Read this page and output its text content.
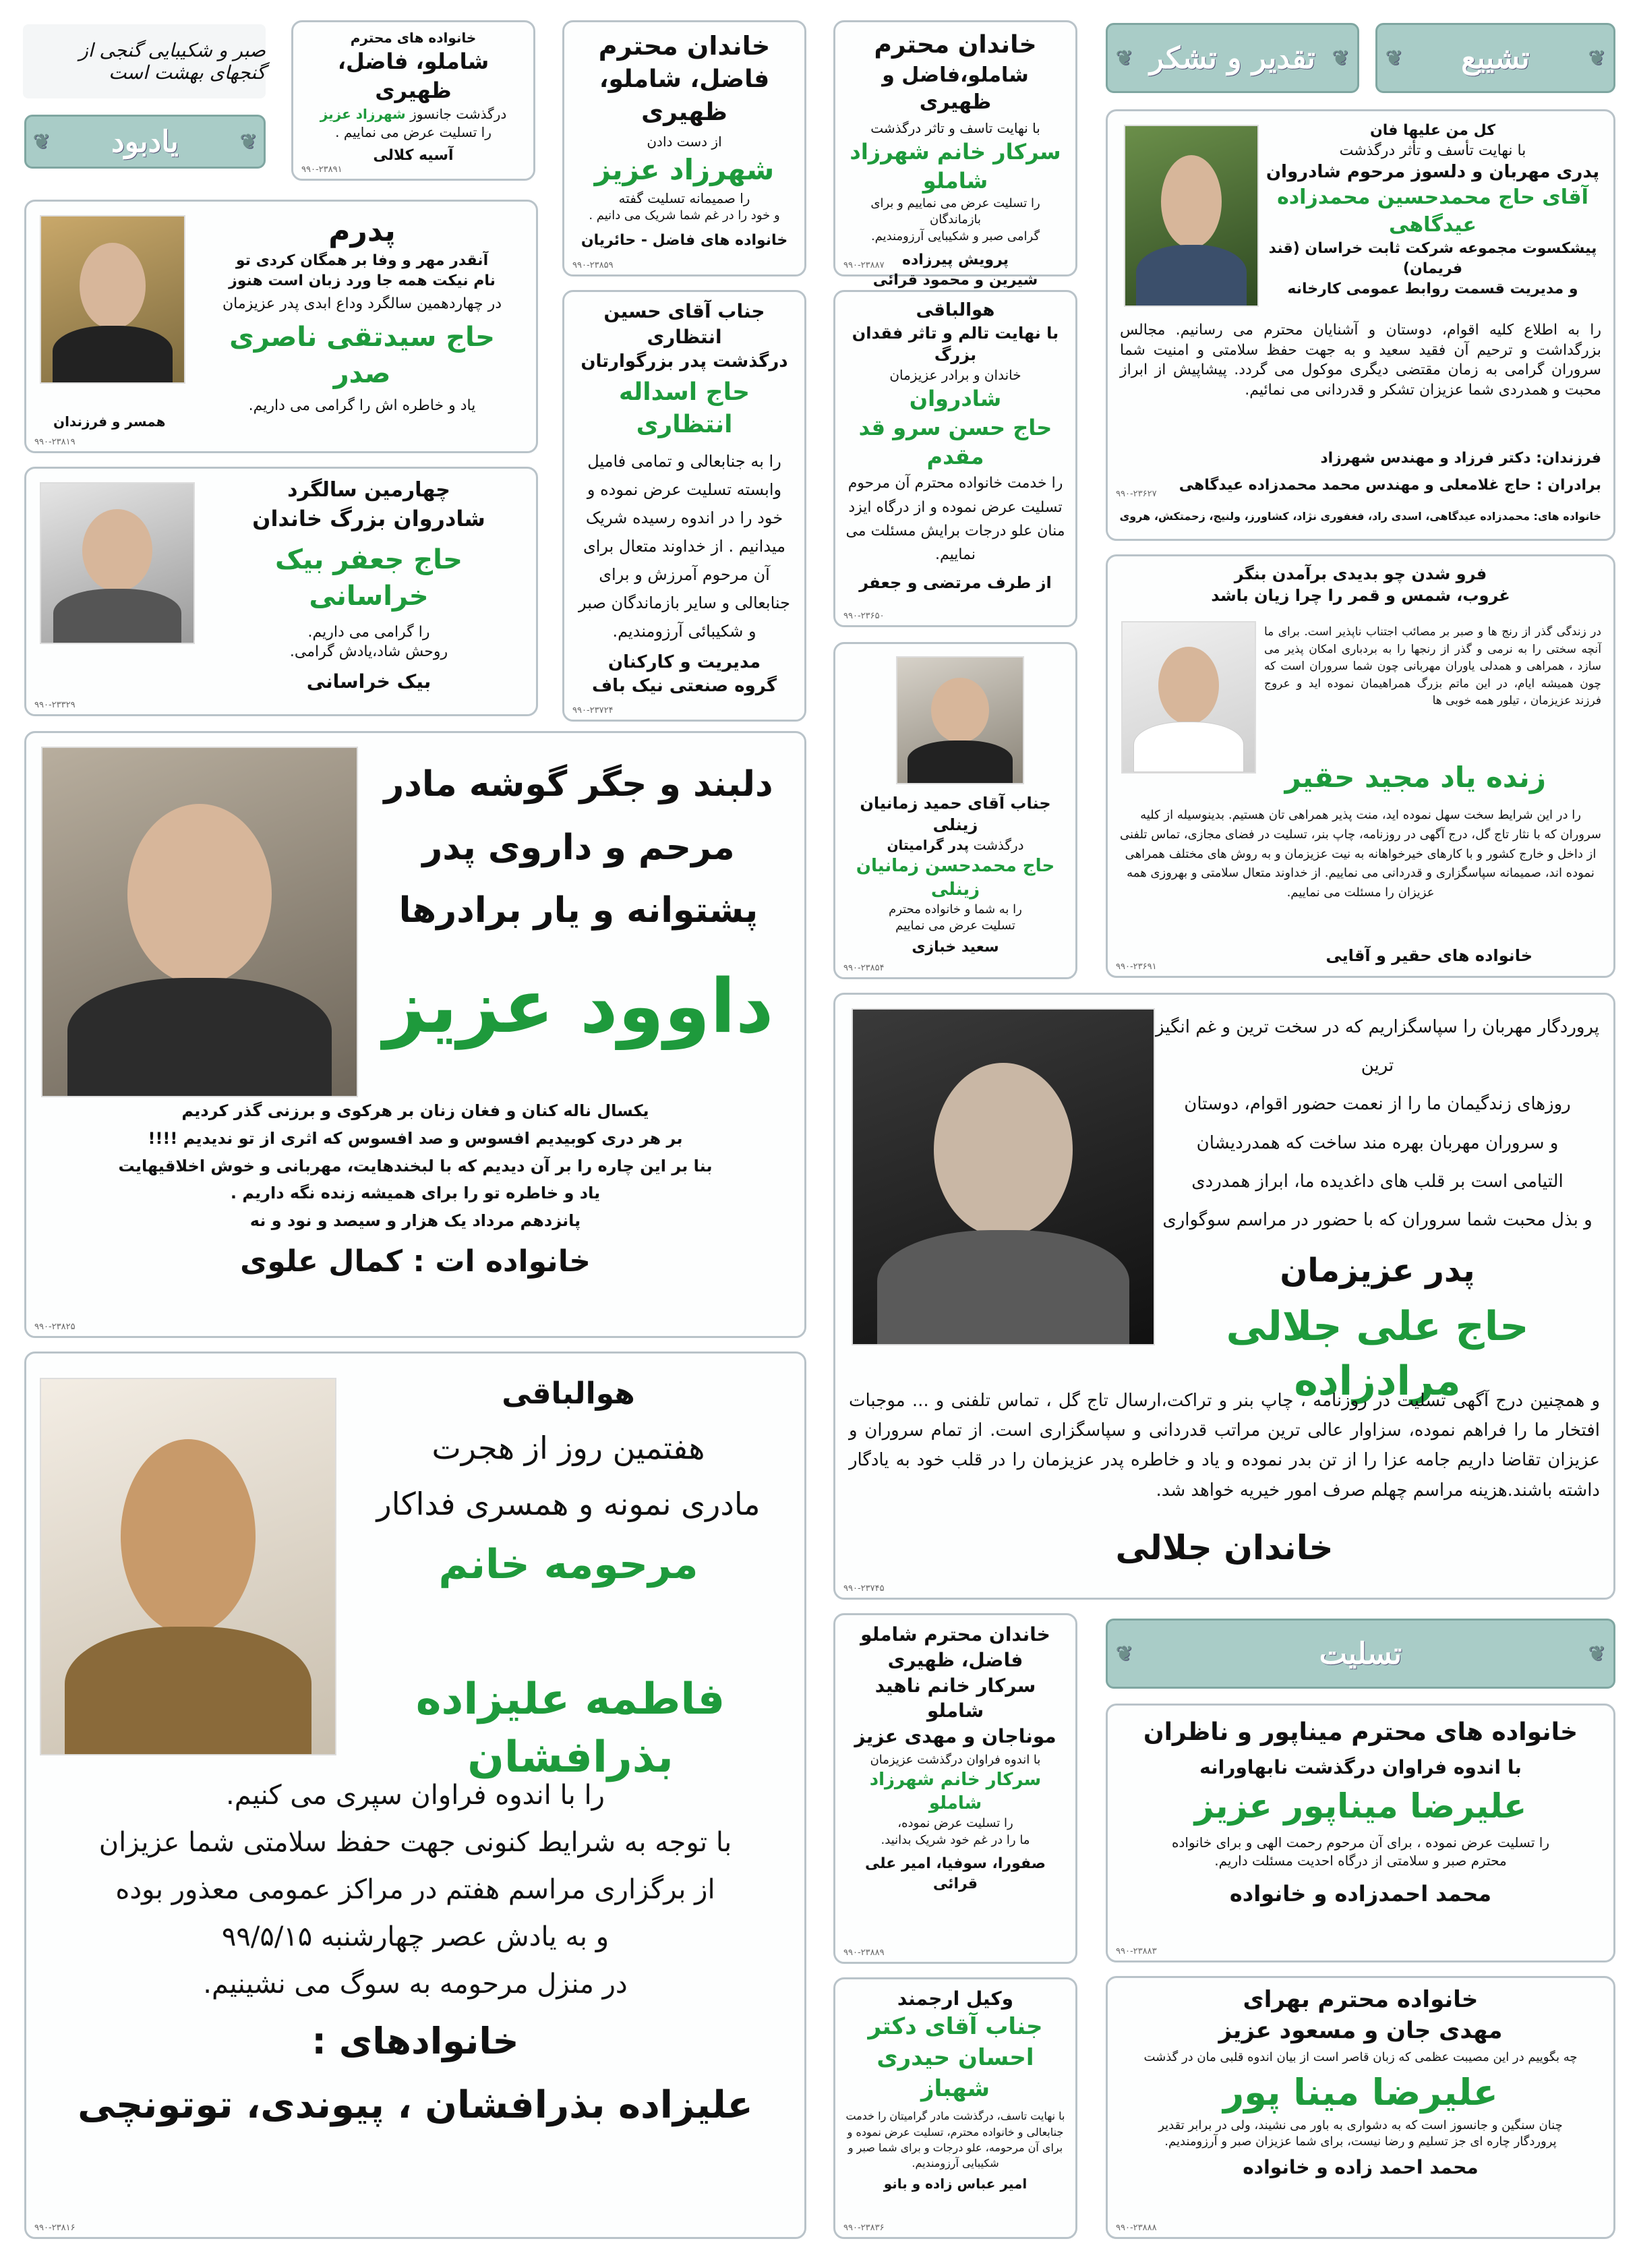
صبر و شکیبایی گنجی از گنجهای بهشت است
❦
یادبود
❦
❦
تشییع
❦
❦
تقدیر و تشکر
❦

خانواده های محترم

شاملو، فاضل، ظهیری

درگذشت جانسوز شهرزاد عزیز

را تسلیت عرض می نماییم .

آسیه کلالی

۹۹۰-۲۳۸۹۱

خاندان محترم

فاضل، شاملو، ظهیری

از دست دادن

شهرزاد عزیز

را صمیمانه تسلیت گفته

و خود را در غم شما شریک می دانیم .

خانواده های فاضل - حائریان

۹۹۰-۲۳۸۵۹

خاندان محترم

شاملو،فاضل و ظهیری

با نهایت تاسف و تاثر درگذشت

سرکار خانم شهرزاد شاملو

را تسلیت عرض می نماییم و برای بازماندگان

گرامی صبر و شکیبایی آرزومندیم.

پرویش پیرزاده

شیرین و محمود قرائی

۹۹۰-۲۳۸۸۷

کل من علیها فان

با نهایت تأسف و تأثر درگذشت

پدری مهربان و دلسوز مرحوم شادروان

آقای حاج محمدحسین محمدزاده عیدگاهی

پیشکسوت مجموعه شرکت ثابت خراسان (قند فریمان)

و مدیریت قسمت روابط عمومی کارخانه

را به اطلاع کلیه اقوام، دوستان و آشنایان محترم می رسانیم. مجالس بزرگداشت و ترحیم آن فقید سعید و به جهت حفظ سلامتی و امنیت شما سروران گرامی به زمان مقتضی دیگری موکول می گردد. پیشاپیش از ابراز محبت و همدردی شما عزیزان تشکر و قدردانی می نمائیم.

فرزندان: دکتر فرزاد و مهندس شهرزاد

برادران : حاج غلامعلی و مهندس محمد محمدزاده عیدگاهی

خانواده های: محمدزاده عیدگاهی، اسدی راد، فغفوری نژاد، کشاورز، ولنیج، زحمتکش، هروی

۹۹۰-۲۳۶۲۷

پدرم

آنقدر مهر و وفا بر همگان کردی تو

نام نیکت همه جا ورد زبان است هنوز

در چهاردهمین سالگرد وداع ابدی پدر عزیزمان

حاج سیدتقی ناصری صدر

یاد و خاطره اش را گرامی می داریم.

همسر و فرزندان

۹۹۰-۲۳۸۱۹

جناب آقای حسین انتظاری

درگذشت پدر بزرگوارتان

حاج اسداله انتظاری

را به جنابعالی و تمامی فامیل وابسته تسلیت عرض نموده و خود را در اندوه رسیده شریک میدانیم . از خداوند متعال برای آن مرحوم آمرزش و برای جنابعالی و سایر بازماندگان صبر و شکیبائی آرزومندیم.

مدیریت و کارکنان

گروه صنعتی نیک باف

۹۹۰-۲۳۷۲۴

هوالباقی

با نهایت تالم و تاثر فقدان بزرگ

خاندان و برادر عزیزمان

شادروان

حاج حسن سرو قد مقدم

را خدمت خانواده محترم آن مرحوم تسلیت عرض نموده و از درگاه ایزد منان علو درجات برایش مسئلت می نماییم.

از طرف مرتضی و جعفر

۹۹۰-۲۳۶۵۰

چهارمین سالگرد

شادروان بزرگ خاندان

حاج جعفر بیک خراسانی

را گرامی می داریم.

روحش شاد،یادش گرامی.

بیک خراسانی

۹۹۰-۲۳۳۲۹

فرو شدن چو بدیدی برآمدن بنگر

غروب، شمس و قمر را چرا زیان باشد

در زندگی گذر از رنج ها و صبر بر مصائب اجتناب ناپذیر است. برای ما آنچه سختی را به نرمی و گذر از رنجها را به بردباری امکان پذیر می سازد ، همراهی و همدلی یاوران مهربانی چون شما سروران است که چون همیشه ایام، در این ماتم بزرگ همراهیمان نموده اید و عروج فرزند عزیزمان ، تیلور همه خوبی ها

زنده یاد مجید حقیر

را در این شرایط سخت سهل نموده اید، منت پذیر همراهی تان هستیم. بدینوسیله از کلیه سروران که با نثار تاج گل، درج آگهی در روزنامه، چاپ بنر، تسلیت در فضای مجازی، تماس تلفنی از داخل و خارج کشور و با کارهای خیرخواهانه به نیت عزیزمان و به روش های مختلف همراهی نموده اند، صمیمانه سپاسگزاری و قدردانی می نماییم. از خداوند متعال سلامتی و بهروزی همه عزیزان را مسئلت می نماییم.

خانواده های حقیر و آقایی

۹۹۰-۲۳۶۹۱

جناب آقای حمید زمانیان زینلی

درگذشت پدر گرامیتان

حاج محمدحسن زمانیان زینلی

را به شما و خانواده محترم

تسلیت عرض می نماییم

سعید خبازی

۹۹۰-۲۳۸۵۴

دلبند و جگر گوشه مادر

مرحم و داروی پدر

پشتوانه و یار برادرها

داوود عزیز

یکسال ناله کنان و فغان زنان بر هرکوی و برزنی گذر کردیم

بر هر دری کوبیدیم افسوس و صد افسوس که اثری از تو ندیدیم !!!!

بنا بر این چاره را بر آن دیدیم که با لبخندهایت، مهربانی و خوش اخلاقیهایت

یاد و خاطره تو را برای همیشه زنده نگه داریم .

پانزدهم مرداد یک هزار و سیصد و نود و نه

خانواده ات : کمال علوی

۹۹۰-۲۳۸۲۵

پروردگار مهربان را سپاسگزاریم که در سخت ترین و غم انگیز ترین

روزهای زندگیمان ما را از نعمت حضور اقوام، دوستان

و سروران مهربان بهره مند ساخت که همدردیشان

التیامی است بر قلب های داغدیده ما، ابراز همدردی

و بذل محبت شما سروران که با حضور در مراسم سوگواری

پدر عزیزمان

حاج علی جلالی مرادزاده

و همچنین درج آگهی تسلیت در روزنامه ، چاپ بنر و تراکت،ارسال تاج گل ، تماس تلفنی و ... موجبات افتخار ما را فراهم نموده، سزاوار عالی ترین مراتب قدردانی و سپاسگزاری است. از تمام سروران و عزیزان تقاضا داریم جامه عزا را از تن بدر نموده و یاد و خاطره پدر عزیزمان را در قلب خود به یادگار داشته باشند.هزینه مراسم چهلم صرف امور خیریه خواهد شد.

خاندان جلالی

۹۹۰-۲۳۷۴۵

هوالباقی

هفتمین روز از هجرت

مادری نمونه و همسری فداکار

مرحومه خانم

فاطمه علیزاده بذرافشان

را با اندوه فراوان سپری می کنیم.

با توجه به شرایط کنونی جهت حفظ سلامتی شما عزیزان

از برگزاری مراسم هفتم در مراکز عمومی معذور بوده

و به یادش عصر چهارشنبه ۹۹/۵/۱۵

در منزل مرحومه به سوگ می نشینیم.

خانوادهای :

علیزاده بذرافشان ، پیوندی، توتونچی

۹۹۰-۲۳۸۱۶

خاندان محترم شاملو

فاضل، ظهیری

سرکار خانم ناهید شاملو

موناجان و مهدی عزیز

با اندوه فراوان درگذشت عزیزمان

سرکار خانم شهرزاد شاملو

را تسلیت عرض نموده،

ما را در غم خود شریک بدانید.

صفورا، سوفیا، امیر علی قرائی

۹۹۰-۲۳۸۸۹
❦
تسلیت
❦

خانواده های محترم میناپور و ناظران

با اندوه فراوان درگذشت نابهاورانه

علیرضا میناپور عزیز

را تسلیت عرض نموده ، برای آن مرحوم رحمت الهی و برای خانواده

محترم صبر و سلامتی از درگاه احدیت مسئلت داریم.

محمد احمدزاده و خانواده

۹۹۰-۲۳۸۸۳

وکیل ارجمند

جناب آقای دکتر

احسان حیدری شهباز

با نهایت تاسف، درگذشت مادر گرامیتان را خدمت جنابعالی و خانواده محترم، تسلیت عرض نموده و برای آن مرحومه، علو درجات و برای شما صبر و شکیبایی آرزومندیم.

امیر عباس زاده و بانو

۹۹۰-۲۳۸۳۶

خانواده محترم بهرای

مهدی جان و مسعود عزیز

چه بگوییم در این مصیبت عظمی که زبان قاصر است از بیان اندوه قلبی مان در گذشت

علیرضا مینا پور

چنان سنگین و جانسوز است که به دشواری به باور می نشیند، ولی در برابر تقدیر

پروردگار چاره ای جز تسلیم و رضا نیست، برای شما عزیزان صبر و آرزومندیم.

محمد احمد زاده و خانواده

۹۹۰-۲۳۸۸۸
